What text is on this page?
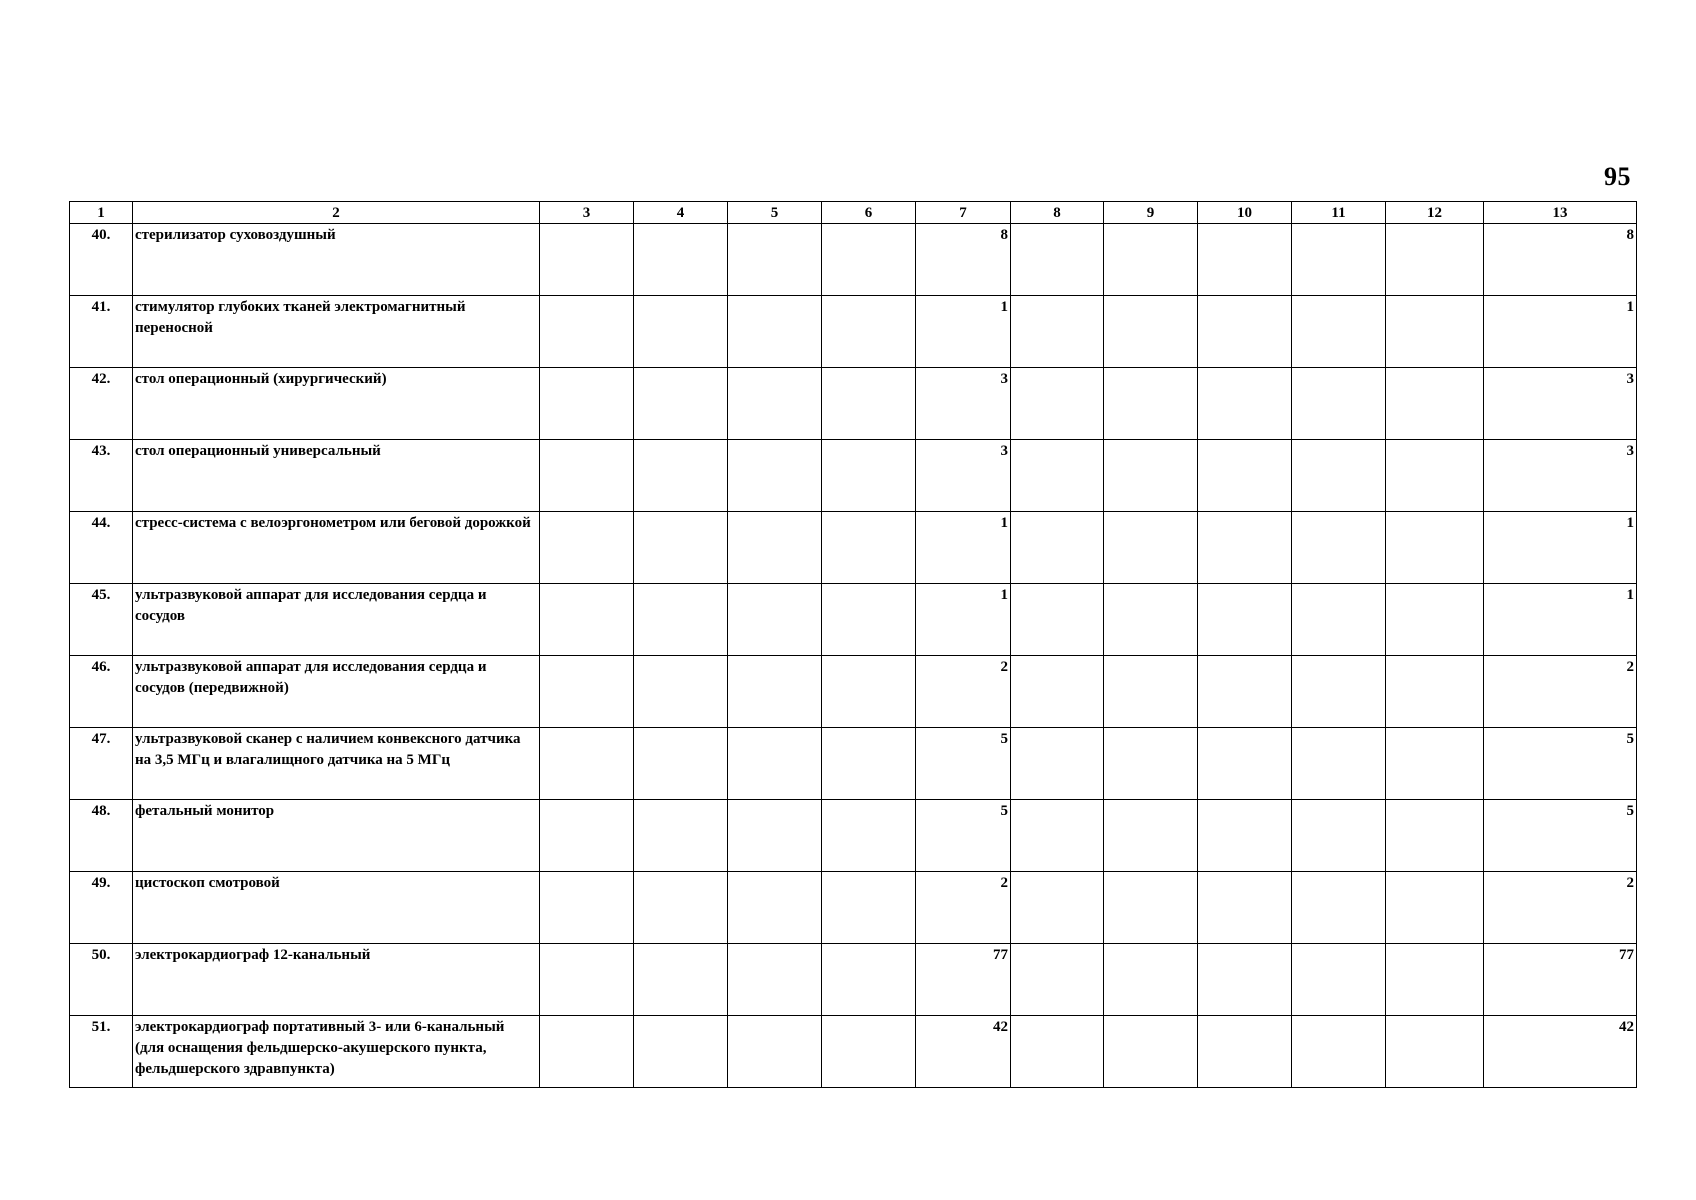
95
1	2	3	4	5	6	7	8	9	10	11	12	13
40.	стерилизатор суховоздушный					8						8
41.	стимулятор глубоких тканей электромагнитный переносной					1						1
42.	стол операционный (хирургический)					3						3
43.	стол операционный универсальный					3						3
44.	стресс-система с велоэргонометром или беговой дорожкой					1						1
45.	ультразвуковой аппарат для исследования сердца и сосудов					1						1
46.	ультразвуковой аппарат для исследования сердца и сосудов (передвижной)					2						2
47.	ультразвуковой сканер с наличием конвексного датчика на 3,5 МГц и влагалищного датчика на 5 МГц					5						5
48.	фетальный монитор					5						5
49.	цистоскоп смотровой					2						2
50.	электрокардиограф 12-канальный					77						77
51.	электрокардиограф портативный 3- или 6-канальный (для оснащения фельдшерско-акушерского пункта, фельдшерского здравпункта)					42						42
